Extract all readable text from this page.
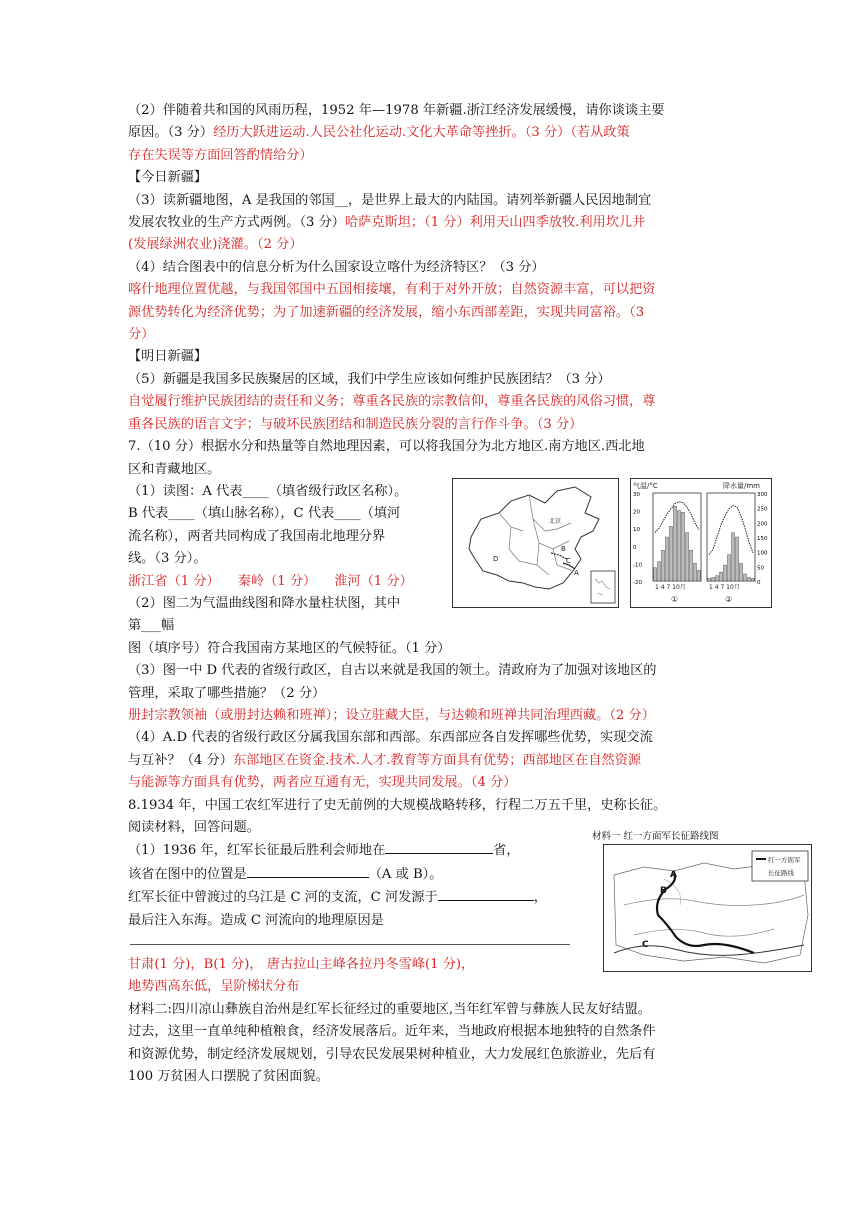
（2）伴随着共和国的风雨历程，1952 年—1978 年新疆.浙江经济发展缓慢，请你谈谈主要
原因。（3 分）经历大跃进运动.人民公社化运动.文化大革命等挫折。（3 分）（若从政策
存在失误等方面回答酌情给分）
【今日新疆】
（3）读新疆地图，A 是我国的邻国__，是世界上最大的内陆国。请列举新疆人民因地制宜
发展农牧业的生产方式两例。（3 分）哈萨克斯坦；（1 分）利用天山四季放牧.利用坎儿井
(发展绿洲农业)浇灌。（2 分）
（4）结合图表中的信息分析为什么国家设立喀什为经济特区？（3 分）
喀什地理位置优越，与我国邻国中五国相接壤，有利于对外开放；自然资源丰富，可以把资
源优势转化为经济优势；为了加速新疆的经济发展，缩小东西部差距，实现共同富裕。（3
分）
【明日新疆】
（5）新疆是我国多民族聚居的区域，我们中学生应该如何维护民族团结？（3 分）
自觉履行维护民族团结的责任和义务；尊重各民族的宗教信仰，尊重各民族的风俗习惯，尊
重各民族的语言文字；与破坏民族团结和制造民族分裂的言行作斗争。（3 分）
7.（10 分）根据水分和热量等自然地理因素，可以将我国分为北方地区.南方地区.西北地
区和青藏地区。
（1）读图：A 代表____（填省级行政区名称）。
B 代表____（填山脉名称），C 代表____（填河
流名称），两者共同构成了我国南北地理分界
线。（3 分）。
浙江省（1 分） 秦岭（1 分） 淮河（1 分）
（2）图二为气温曲线图和降水量柱状图，其中
第___幅
图（填序号）符合我国南方某地区的气候特征。（1 分）
（3）图一中 D 代表的省级行政区，自古以来就是我国的领土。清政府为了加强对该地区的
管理，采取了哪些措施？（2 分）
册封宗教领袖（或册封达赖和班禅）；设立驻藏大臣，与达赖和班禅共同治理西藏。（2 分）
（4）A.D 代表的省级行政区分属我国东部和西部。东西部应各自发挥哪些优势，实现交流
与互补？（4 分）东部地区在资金.技术.人才.教育等方面具有优势；西部地区在自然资源
与能源等方面具有优势，两者应互通有无，实现共同发展。（4 分）
8.1934 年，中国工农红军进行了史无前例的大规模战略转移，行程二万五千里，史称长征。
阅读材料，回答问题。
（1）1936 年，红军长征最后胜利会师地在	省，
该省在图中的位置是	（A 或 B）。
红军长征中曾渡过的乌江是 C 河的支流，C 河发源于	，
最后注入东海。造成 C 河流向的地理原因是
甘肃(1 分)，B(1 分)， 唐古拉山主峰各拉丹冬雪峰(1 分)，
地势西高东低，呈阶梯状分布
材料二:四川凉山彝族自治州是红军长征经过的重要地区,当年红军曾与彝族人民友好结盟。
过去，这里一直单纯种植粮食，经济发展落后。近年来，当地政府根据本地独特的自然条件
和资源优势，制定经济发展规划，引导农民发展果树种植业，大力发展红色旅游业，先后有
100 万贫困人口摆脱了贫困面貌。
北京
B
C
A
D
气温/°C	降水量/mm
30
20
10
0
-10
-20
300
250
200
150
100
50
0
1 4 7 10月	1 4 7 10月
①	②
材料一 红一方面军长征路线图
红一方面军
长征路线
A
B
C
